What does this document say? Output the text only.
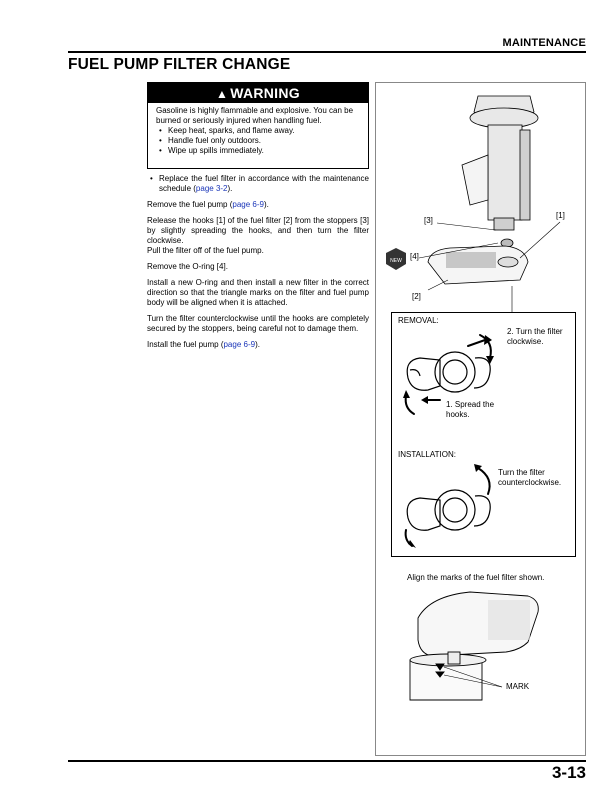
MAINTENANCE
FUEL PUMP FILTER CHANGE
▲ WARNING

Gasoline is highly flammable and explosive. You can be burned or seriously injured when handling fuel.

• Keep heat, sparks, and flame away.
• Handle fuel only outdoors.
• Wipe up spills immediately.

• Replace the fuel filter in accordance with the maintenance schedule (page 3-2).

Remove the fuel pump (page 6-9).

Release the hooks [1] of the fuel filter [2] from the stoppers [3] by slightly spreading the hooks, and then turn the filter clockwise.
Pull the filter off of the fuel pump.

Remove the O-ring [4].

Install a new O-ring and then install a new filter in the correct direction so that the triangle marks on the filter and fuel pump body will be aligned when it is attached.

Turn the filter counterclockwise until the hooks are completely secured by the stoppers, being careful not to damage them.

Install the fuel pump (page 6-9).

NEW
[3]
[1]
[4]
[2]
REMOVAL:
2. Turn the filter clockwise.
1. Spread the hooks.
INSTALLATION:
Turn the filter counterclockwise.
Align the marks of the fuel filter shown.
MARK
3-13
